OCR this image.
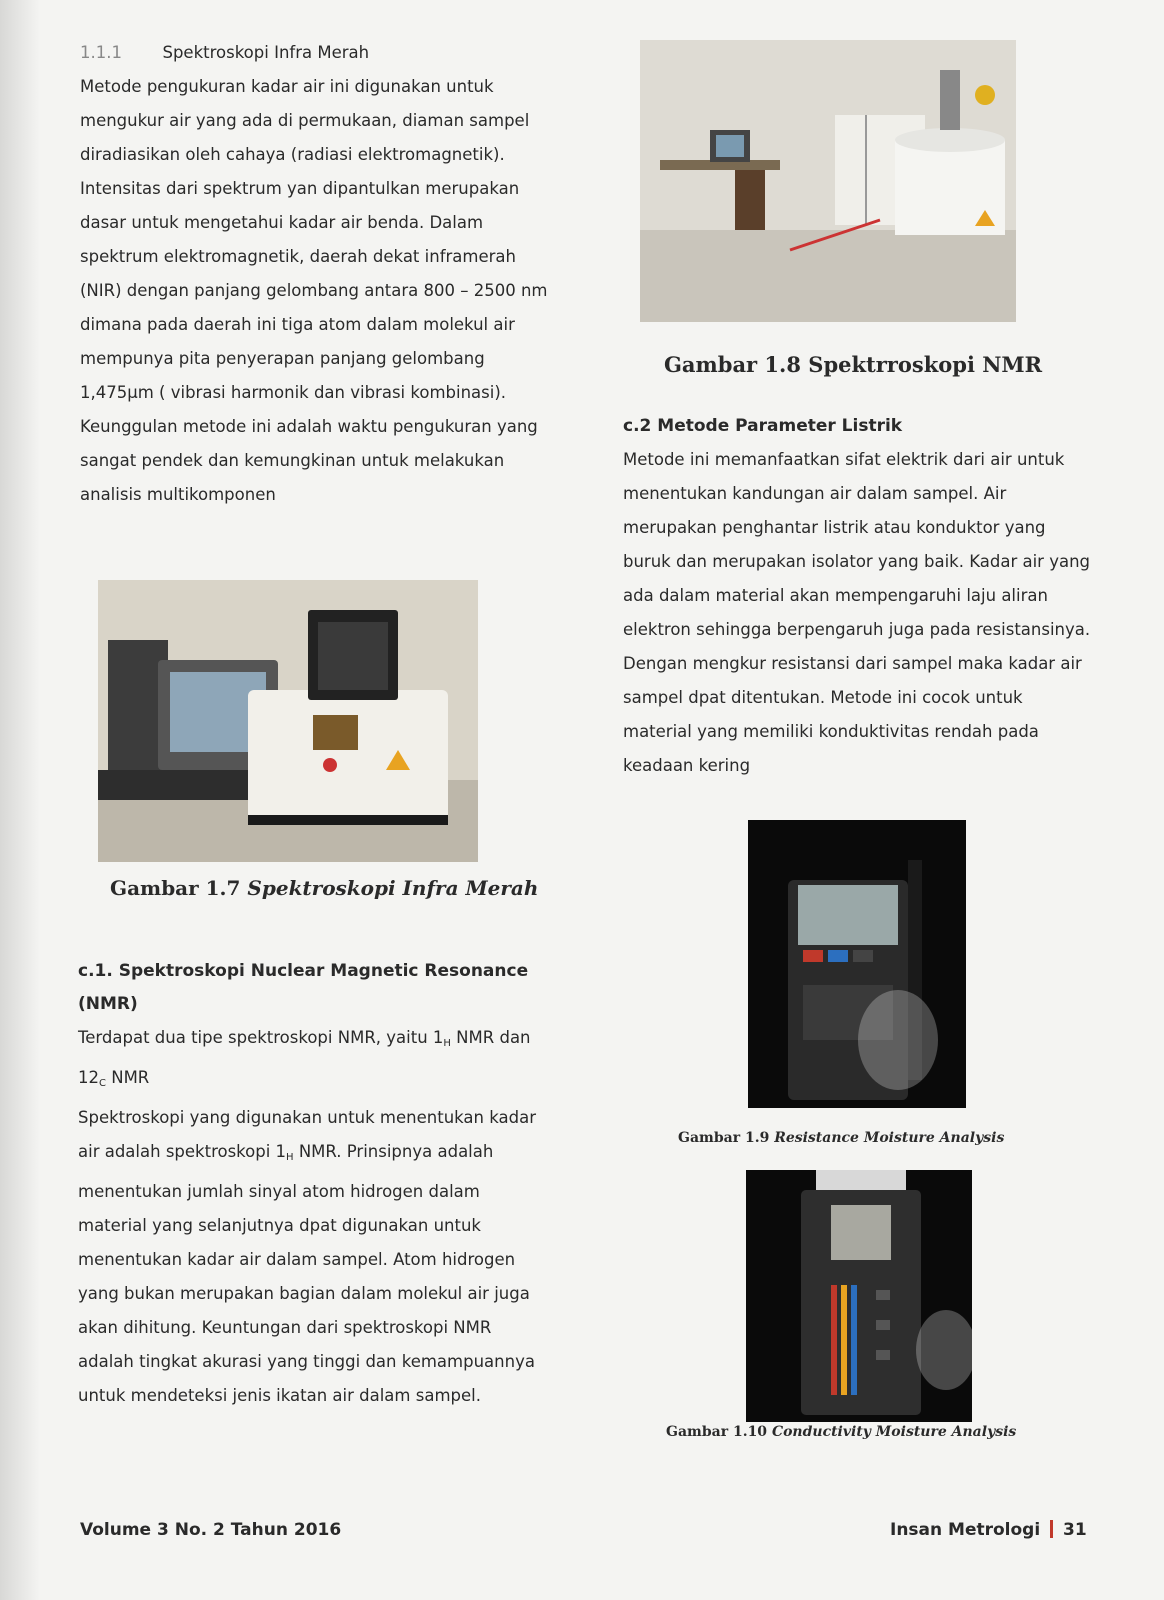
1.1.1 Spektroskopi Infra Merah

Metode pengukuran kadar air ini digunakan untuk

mengukur air yang ada di permukaan, diaman sampel

diradiasikan oleh cahaya (radiasi elektromagnetik).

Intensitas dari spektrum yan dipantulkan merupakan

dasar untuk mengetahui kadar air benda. Dalam

spektrum elektromagnetik, daerah dekat inframerah

(NIR) dengan panjang gelombang antara 800 – 2500 nm

dimana pada daerah ini tiga atom dalam molekul air

mempunya pita penyerapan panjang gelombang

1,475μm ( vibrasi harmonik dan vibrasi kombinasi).

Keunggulan metode ini adalah waktu pengukuran yang

sangat pendek dan kemungkinan untuk melakukan

analisis multikomponen

Gambar 1.7 Spektroskopi Infra Merah

c.1. Spektroskopi Nuclear Magnetic Resonance

(NMR)

Terdapat dua tipe spektroskopi NMR, yaitu $1_H$ NMR dan

$12_C$ NMR

Spektroskopi yang digunakan untuk menentukan kadar

air adalah spektroskopi $1_H$ NMR. Prinsipnya adalah

menentukan jumlah sinyal atom hidrogen dalam

material yang selanjutnya dpat digunakan untuk

menentukan kadar air dalam sampel. Atom hidrogen

yang bukan merupakan bagian dalam molekul air juga

akan dihitung. Keuntungan dari spektroskopi NMR

adalah tingkat akurasi yang tinggi dan kemampuannya

untuk mendeteksi jenis ikatan air dalam sampel.

Gambar 1.8 Spektrroskopi NMR

c.2 Metode Parameter Listrik

Metode ini memanfaatkan sifat elektrik dari air untuk

menentukan kandungan air dalam sampel. Air

merupakan penghantar listrik atau konduktor yang

buruk dan merupakan isolator yang baik. Kadar air yang

ada dalam material akan mempengaruhi laju aliran

elektron sehingga berpengaruh juga pada resistansinya.

Dengan mengkur resistansi dari sampel maka kadar air

sampel dpat ditentukan. Metode ini cocok untuk

material yang memiliki konduktivitas rendah pada

keadaan kering

Gambar 1.9 Resistance Moisture Analysis
Gambar 1.10 Conductivity Moisture Analysis
Volume 3 No. 2 Tahun 2016	Insan Metrologi 31
